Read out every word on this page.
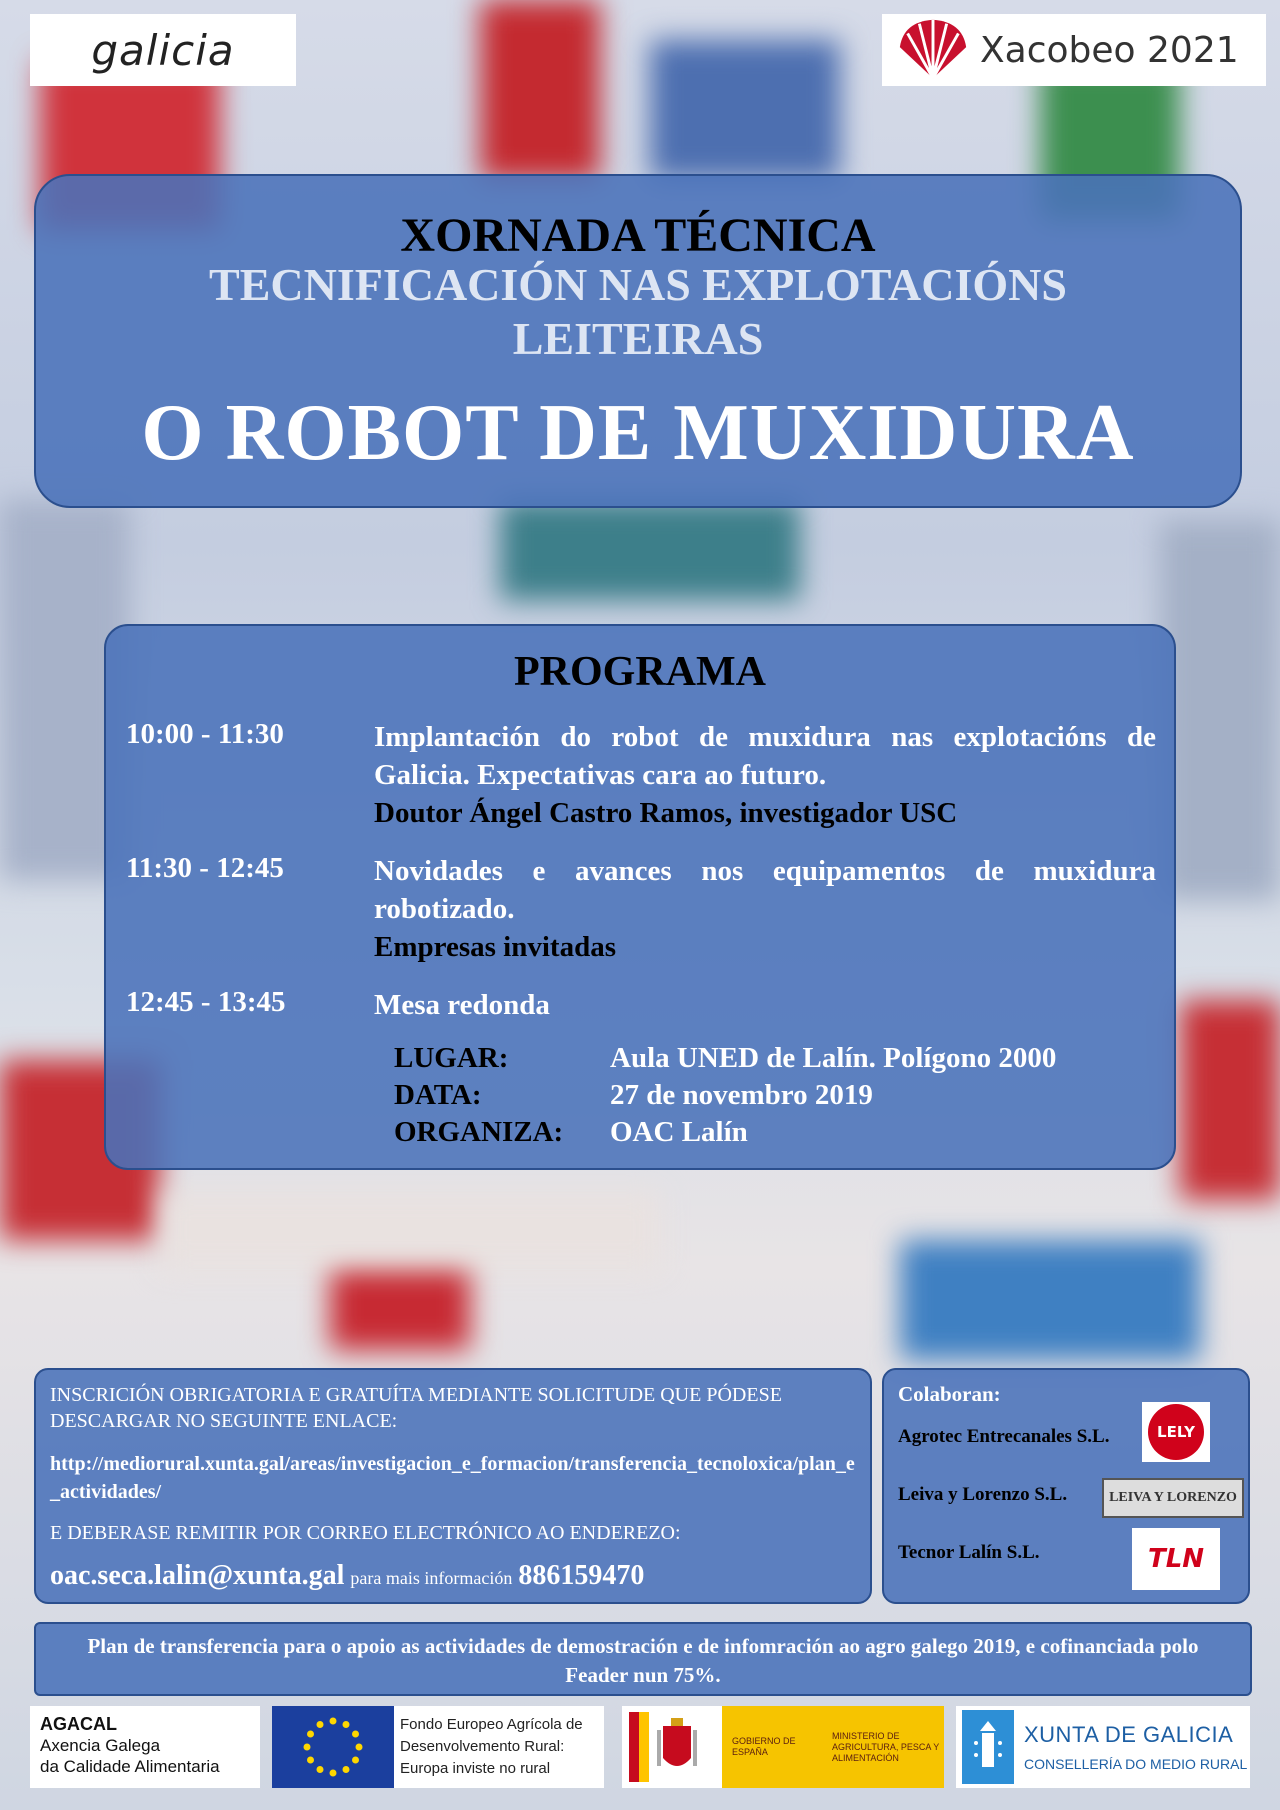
galicia	Xacobeo 2021
XORNADA TÉCNICA
TECNIFICACIÓN NAS EXPLOTACIÓNS
LEITEIRAS
O ROBOT DE MUXIDURA
PROGRAMA
10:00 - 11:30	Implantación do robot de muxidura nas explotacións de Galicia. Expectativas cara ao futuro.
Doutor Ángel Castro Ramos, investigador USC
11:30 - 12:45	Novidades e avances nos equipamentos de muxidura robotizado.
Empresas invitadas
12:45 - 13:45	Mesa redonda
LUGAR:	Aula UNED de Lalín. Polígono 2000
DATA:	27 de novembro 2019
ORGANIZA: OAC Lalín
INSCRICIÓN OBRIGATORIA E GRATUÍTA MEDIANTE SOLICITUDE QUE PÓDESE DESCARGAR NO SEGUINTE ENLACE:
http://mediorural.xunta.gal/areas/investigacion_e_formacion/transferencia_tecnoloxica/plan_e_actividades/
E DEBERASE REMITIR POR CORREO ELECTRÓNICO AO ENDEREZO:
oac.seca.lalin@xunta.gal para mais información 886159470
Colaboran:
Agrotec Entrecanales S.L.	LELY
Leiva y Lorenzo S.L.	LEIVA Y LORENZO
Tecnor Lalín S.L.	TLN
Plan de transferencia para o apoio as actividades de demostración e de infomración ao agro galego 2019, e cofinanciada polo Feader nun 75%.
AGACAL
Axencia Galega
da Calidade Alimentaria
Fondo Europeo Agrícola de
Desenvolvemento Rural:
Europa inviste no rural
GOBIERNO DE ESPAÑA
MINISTERIO DE AGRICULTURA, PESCA Y ALIMENTACIÓN
XUNTA DE GALICIA
CONSELLERÍA DO MEDIO RURAL
